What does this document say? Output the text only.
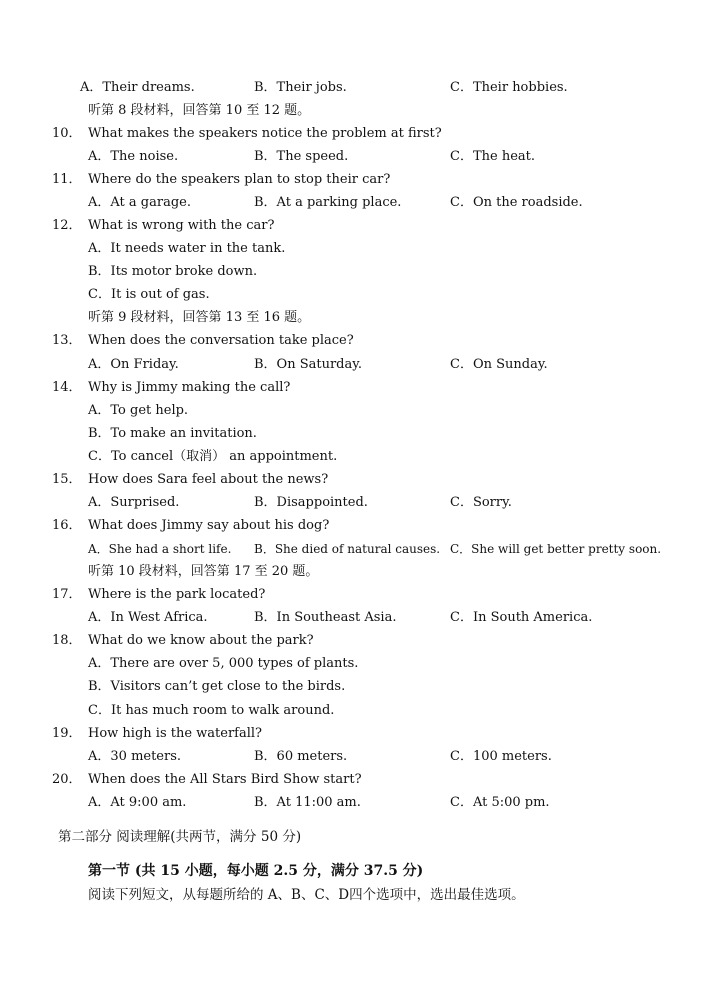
A．Their dreams.	B．Their jobs.	C．Their hobbies.
听第 8 段材料，回答第 10 至 12 题。
10． What makes the speakers notice the problem at first?
A．The noise.	B．The speed.	C．The heat.
11． Where do the speakers plan to stop their car?
A．At a garage.	B．At a parking place.	C．On the roadside.
12． What is wrong with the car?
A．It needs water in the tank.
B．Its motor broke down.
C．It is out of gas.
听第 9 段材料，回答第 13 至 16 题。
13． When does the conversation take place?
A．On Friday.	B．On Saturday.	C．On Sunday.
14． Why is Jimmy making the call?
A．To get help.
B．To make an invitation.
C．To cancel（取消） an appointment.
15． How does Sara feel about the news?
A．Surprised.	B．Disappointed.	C．Sorry.
16． What does Jimmy say about his dog?
A．She had a short life. B．She died of natural causes. C．She will get better pretty soon.
听第 10 段材料，回答第 17 至 20 题。
17． Where is the park located?
A．In West Africa.	B．In Southeast Asia.	C．In South America.
18． What do we know about the park?
A．There are over 5, 000 types of plants.
B．Visitors can’t get close to the birds.
C．It has much room to walk around.
19． How high is the waterfall?
A．30 meters.	B．60 meters.	C．100 meters.
20． When does the All Stars Bird Show start?
A．At 9:00 am.	B．At 11:00 am.	C．At 5:00 pm.
第二部分 阅读理解(共两节，满分 50 分)
第一节 (共 15 小题，每小题 2.5 分，满分 37.5 分)
阅读下列短文，从每题所给的 A、B、C、D四个选项中，选出最佳选项。
